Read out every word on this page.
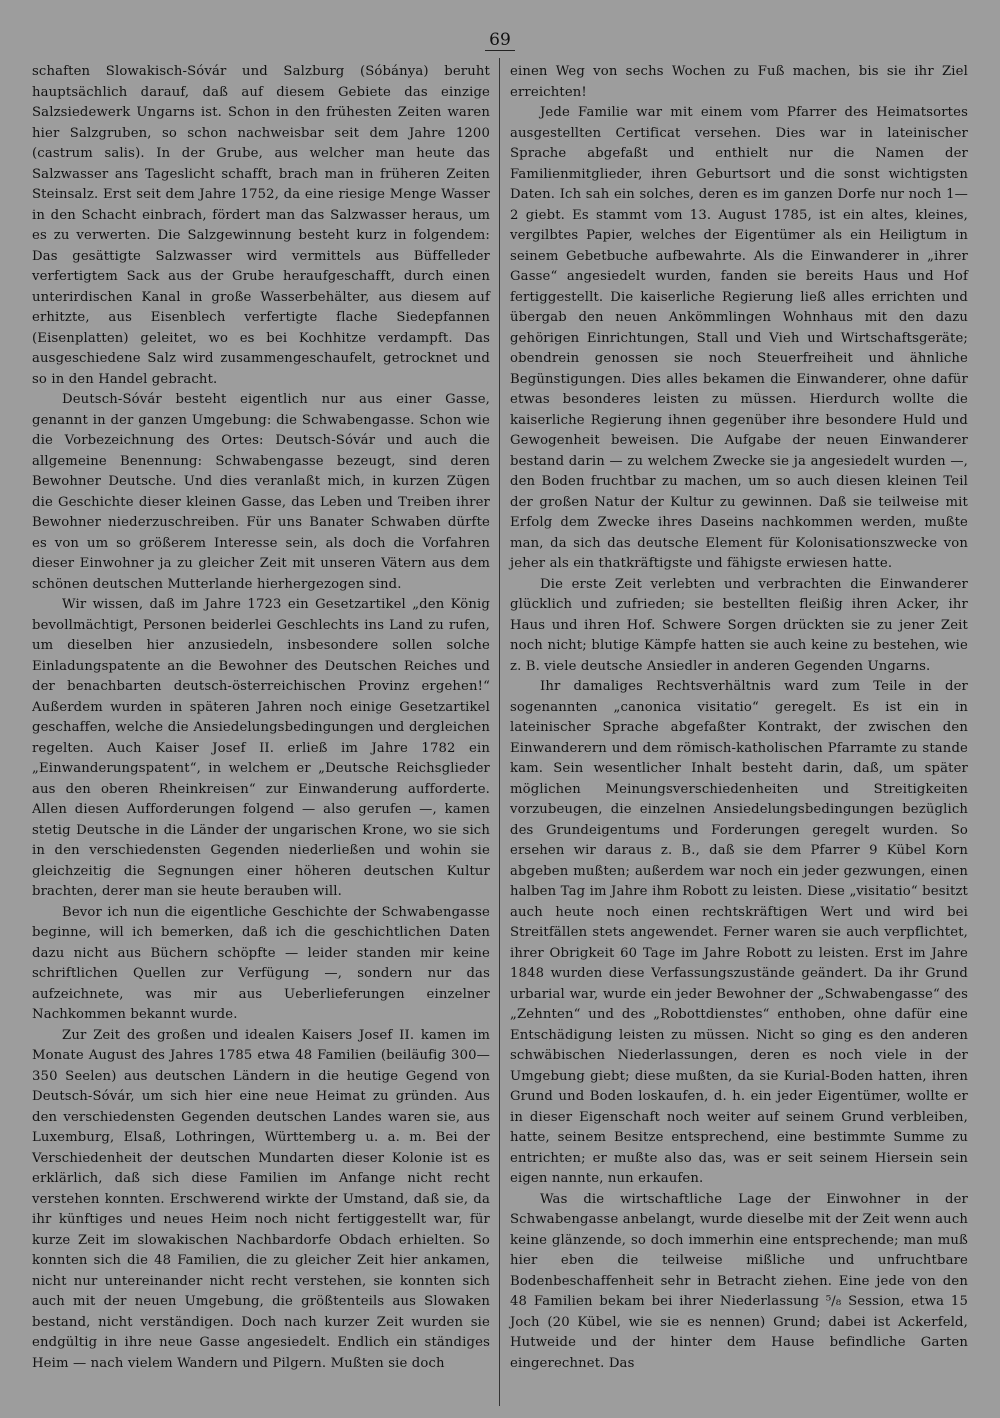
69

schaften Slowakisch-Sóvár und Salzburg (Sóbánya) beruht hauptsächlich darauf, daß auf diesem Gebiete das einzige Salzsiedewerk Ungarns ist. Schon in den frühesten Zeiten waren hier Salzgruben, so schon nachweisbar seit dem Jahre 1200 (castrum salis). In der Grube, aus welcher man heute das Salzwasser ans Tageslicht schafft, brach man in früheren Zeiten Steinsalz. Erst seit dem Jahre 1752, da eine riesige Menge Wasser in den Schacht einbrach, fördert man das Salzwasser heraus, um es zu verwerten. Die Salzgewinnung besteht kurz in folgendem: Das gesättigte Salzwasser wird vermittels aus Büffelleder verfertigtem Sack aus der Grube heraufgeschafft, durch einen unterirdischen Kanal in große Wasserbehälter, aus diesem auf erhitzte, aus Eisenblech verfertigte flache Siedepfannen (Eisenplatten) geleitet, wo es bei Kochhitze verdampft. Das ausgeschiedene Salz wird zusammengeschaufelt, getrocknet und so in den Handel gebracht.

Deutsch-Sóvár besteht eigentlich nur aus einer Gasse, genannt in der ganzen Umgebung: die Schwabengasse. Schon wie die Vorbezeichnung des Ortes: Deutsch-Sóvár und auch die allgemeine Benennung: Schwabengasse bezeugt, sind deren Bewohner Deutsche. Und dies veranlaßt mich, in kurzen Zügen die Geschichte dieser kleinen Gasse, das Leben und Treiben ihrer Bewohner niederzuschreiben. Für uns Banater Schwaben dürfte es von um so größerem Interesse sein, als doch die Vorfahren dieser Einwohner ja zu gleicher Zeit mit unseren Vätern aus dem schönen deutschen Mutterlande hierhergezogen sind.

Wir wissen, daß im Jahre 1723 ein Gesetzartikel „den König bevollmächtigt, Personen beiderlei Geschlechts ins Land zu rufen, um dieselben hier anzusiedeln, insbesondere sollen solche Einladungspatente an die Bewohner des Deutschen Reiches und der benachbarten deutsch-österreichischen Provinz ergehen!“ Außerdem wurden in späteren Jahren noch einige Gesetzartikel geschaffen, welche die Ansiedelungsbedingungen und dergleichen regelten. Auch Kaiser Josef II. erließ im Jahre 1782 ein „Einwanderungspatent“, in welchem er „Deutsche Reichsglieder aus den oberen Rheinkreisen“ zur Einwanderung aufforderte. Allen diesen Aufforderungen folgend — also gerufen —, kamen stetig Deutsche in die Länder der ungarischen Krone, wo sie sich in den verschiedensten Gegenden niederließen und wohin sie gleichzeitig die Segnungen einer höheren deutschen Kultur brachten, derer man sie heute berauben will.

Bevor ich nun die eigentliche Geschichte der Schwabengasse beginne, will ich bemerken, daß ich die geschichtlichen Daten dazu nicht aus Büchern schöpfte — leider standen mir keine schriftlichen Quellen zur Verfügung —, sondern nur das aufzeichnete, was mir aus Ueberlieferungen einzelner Nachkommen bekannt wurde.

Zur Zeit des großen und idealen Kaisers Josef II. kamen im Monate August des Jahres 1785 etwa 48 Familien (beiläufig 300—350 Seelen) aus deutschen Ländern in die heutige Gegend von Deutsch-Sóvár, um sich hier eine neue Heimat zu gründen. Aus den verschiedensten Gegenden deutschen Landes waren sie, aus Luxemburg, Elsaß, Lothringen, Württemberg u. a. m. Bei der Verschiedenheit der deutschen Mundarten dieser Kolonie ist es erklärlich, daß sich diese Familien im Anfange nicht recht verstehen konnten. Erschwerend wirkte der Umstand, daß sie, da ihr künftiges und neues Heim noch nicht fertiggestellt war, für kurze Zeit im slowakischen Nachbardorfe Obdach erhielten. So konnten sich die 48 Familien, die zu gleicher Zeit hier ankamen, nicht nur untereinander nicht recht verstehen, sie konnten sich auch mit der neuen Umgebung, die größtenteils aus Slowaken bestand, nicht verständigen. Doch nach kurzer Zeit wurden sie endgültig in ihre neue Gasse angesiedelt. Endlich ein ständiges Heim — nach vielem Wandern und Pilgern. Mußten sie doch

einen Weg von sechs Wochen zu Fuß machen, bis sie ihr Ziel erreichten!

Jede Familie war mit einem vom Pfarrer des Heimatsortes ausgestellten Certificat versehen. Dies war in lateinischer Sprache abgefaßt und enthielt nur die Namen der Familienmitglieder, ihren Geburtsort und die sonst wichtigsten Daten. Ich sah ein solches, deren es im ganzen Dorfe nur noch 1—2 giebt. Es stammt vom 13. August 1785, ist ein altes, kleines, vergilbtes Papier, welches der Eigentümer als ein Heiligtum in seinem Gebetbuche aufbewahrte. Als die Einwanderer in „ihrer Gasse“ angesiedelt wurden, fanden sie bereits Haus und Hof fertiggestellt. Die kaiserliche Regierung ließ alles errichten und übergab den neuen Ankömmlingen Wohnhaus mit den dazu gehörigen Einrichtungen, Stall und Vieh und Wirtschaftsgeräte; obendrein genossen sie noch Steuerfreiheit und ähnliche Begünstigungen. Dies alles bekamen die Einwanderer, ohne dafür etwas besonderes leisten zu müssen. Hierdurch wollte die kaiserliche Regierung ihnen gegenüber ihre besondere Huld und Gewogenheit beweisen. Die Aufgabe der neuen Einwanderer bestand darin — zu welchem Zwecke sie ja angesiedelt wurden —, den Boden fruchtbar zu machen, um so auch diesen kleinen Teil der großen Natur der Kultur zu gewinnen. Daß sie teilweise mit Erfolg dem Zwecke ihres Daseins nachkommen werden, mußte man, da sich das deutsche Element für Kolonisationszwecke von jeher als ein thatkräftigste und fähigste erwiesen hatte.

Die erste Zeit verlebten und verbrachten die Einwanderer glücklich und zufrieden; sie bestellten fleißig ihren Acker, ihr Haus und ihren Hof. Schwere Sorgen drückten sie zu jener Zeit noch nicht; blutige Kämpfe hatten sie auch keine zu bestehen, wie z. B. viele deutsche Ansiedler in anderen Gegenden Ungarns.

Ihr damaliges Rechtsverhältnis ward zum Teile in der sogenannten „canonica visitatio“ geregelt. Es ist ein in lateinischer Sprache abgefaßter Kontrakt, der zwischen den Einwanderern und dem römisch-katholischen Pfarramte zu stande kam. Sein wesentlicher Inhalt besteht darin, daß, um später möglichen Meinungsverschiedenheiten und Streitigkeiten vorzubeugen, die einzelnen Ansiedelungsbedingungen bezüglich des Grundeigentums und Forderungen geregelt wurden. So ersehen wir daraus z. B., daß sie dem Pfarrer 9 Kübel Korn abgeben mußten; außerdem war noch ein jeder gezwungen, einen halben Tag im Jahre ihm Robott zu leisten. Diese „visitatio“ besitzt auch heute noch einen rechtskräftigen Wert und wird bei Streitfällen stets angewendet. Ferner waren sie auch verpflichtet, ihrer Obrigkeit 60 Tage im Jahre Robott zu leisten. Erst im Jahre 1848 wurden diese Verfassungszustände geändert. Da ihr Grund urbarial war, wurde ein jeder Bewohner der „Schwabengasse“ des „Zehnten“ und des „Robottdienstes“ enthoben, ohne dafür eine Entschädigung leisten zu müssen. Nicht so ging es den anderen schwäbischen Niederlassungen, deren es noch viele in der Umgebung giebt; diese mußten, da sie Kurial-Boden hatten, ihren Grund und Boden loskaufen, d. h. ein jeder Eigentümer, wollte er in dieser Eigenschaft noch weiter auf seinem Grund verbleiben, hatte, seinem Besitze entsprechend, eine bestimmte Summe zu entrichten; er mußte also das, was er seit seinem Hiersein sein eigen nannte, nun erkaufen.

Was die wirtschaftliche Lage der Einwohner in der Schwabengasse anbelangt, wurde dieselbe mit der Zeit wenn auch keine glänzende, so doch immerhin eine entsprechende; man muß hier eben die teilweise mißliche und unfruchtbare Bodenbeschaffenheit sehr in Betracht ziehen. Eine jede von den 48 Familien bekam bei ihrer Niederlassung ⁵/₈ Session, etwa 15 Joch (20 Kübel, wie sie es nennen) Grund; dabei ist Ackerfeld, Hutweide und der hinter dem Hause befindliche Garten eingerechnet. Das
